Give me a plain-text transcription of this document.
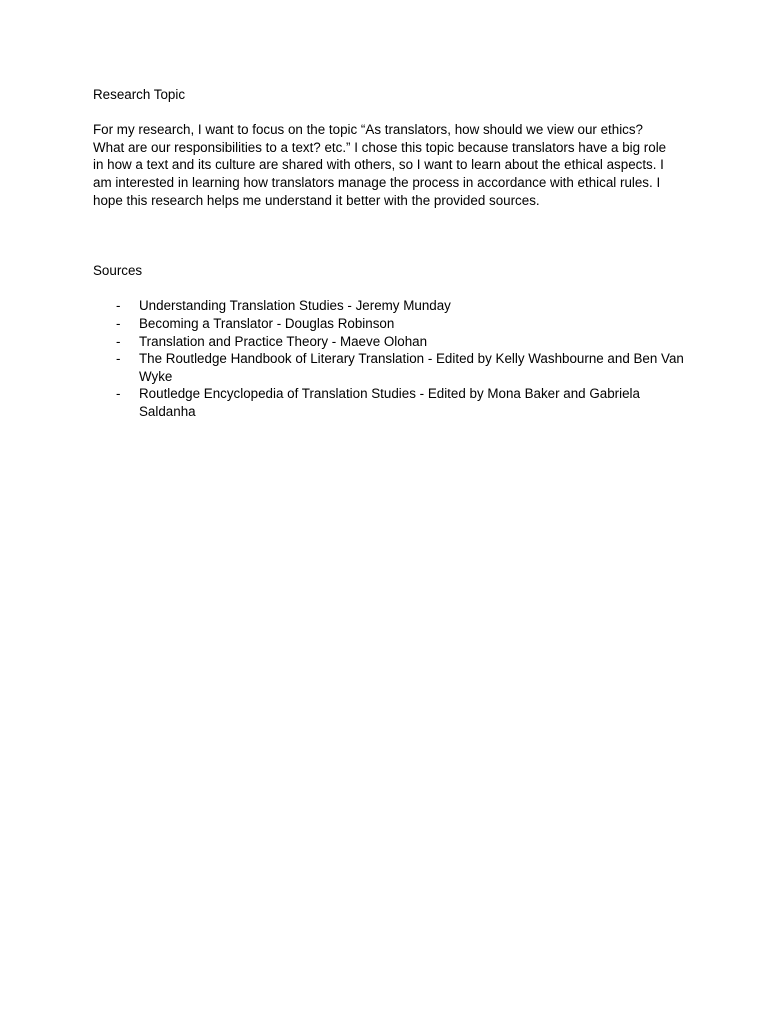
Research Topic

For my research, I want to focus on the topic “As translators, how should we view our ethics? What are our responsibilities to a text? etc.” I chose this topic because translators have a big role in how a text and its culture are shared with others, so I want to learn about the ethical aspects. I am interested in learning how translators manage the process in accordance with ethical rules. I hope this research helps me understand it better with the provided sources.

Sources
- Understanding Translation Studies - Jeremy Munday
- Becoming a Translator - Douglas Robinson
- Translation and Practice Theory - Maeve Olohan
- The Routledge Handbook of Literary Translation - Edited by Kelly Washbourne and Ben Van Wyke
- Routledge Encyclopedia of Translation Studies - Edited by Mona Baker and Gabriela Saldanha
